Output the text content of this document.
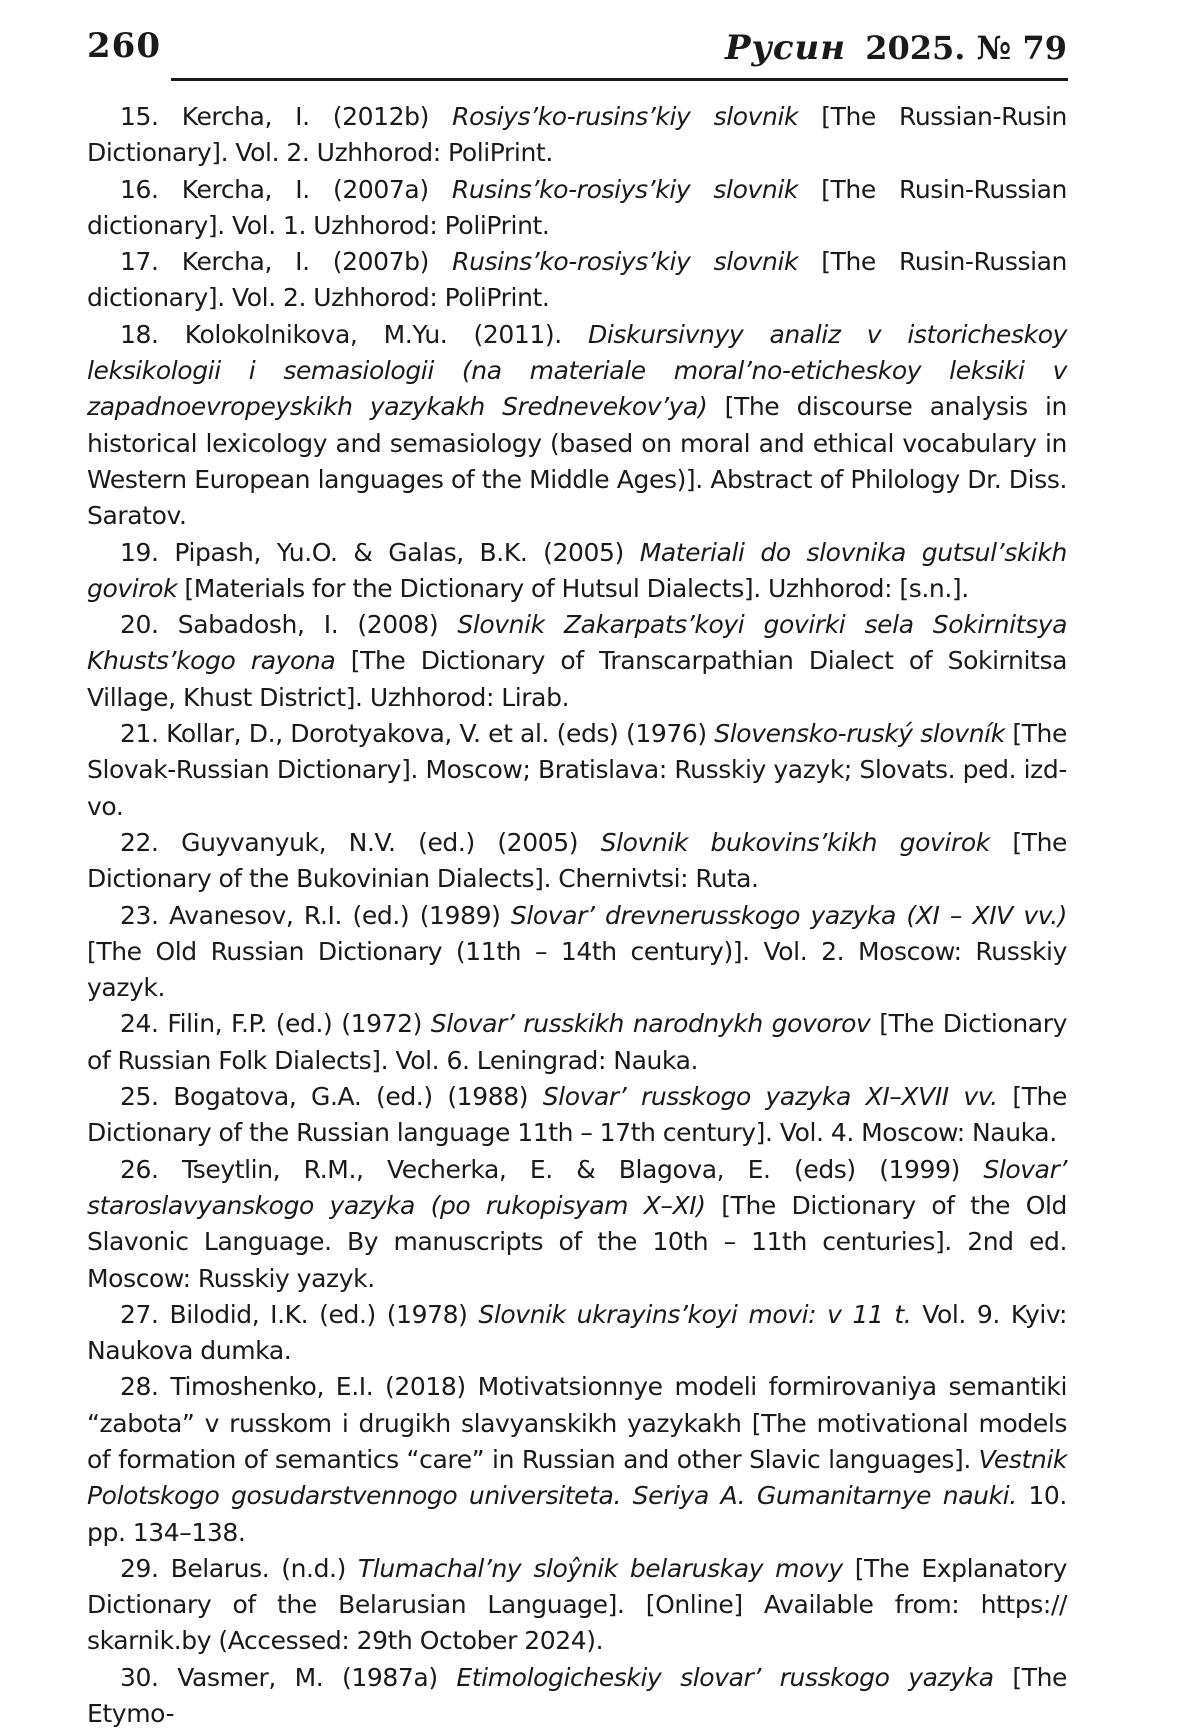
260	Русин 2025. № 79

15. Kercha, I. (2012b) Rosiys’ko-rusins’kiy slovnik [The Russian-Rusin Dictionary]. Vol. 2. Uzhhorod: PoliPrint.

16. Kercha, I. (2007a) Rusins’ko-rosiys’kiy slovnik [The Rusin-Russian dictionary]. Vol. 1. Uzhhorod: PoliPrint.

17. Kercha, I. (2007b) Rusins’ko-rosiys’kiy slovnik [The Rusin-Russian dictionary]. Vol. 2. Uzhhorod: PoliPrint.

18. Kolokolnikova, M.Yu. (2011). Diskursivnyy analiz v istoricheskoy leksikologii i semasiologii (na materiale moral’no-eticheskoy leksiki v zapadnoevropeyskikh yazykakh Srednevekov’ya) [The discourse analysis in historical lexicology and semasiology (based on moral and ethical vocabulary in Western European languages of the Middle Ages)]. Abstract of Philology Dr. Diss. Saratov.

19. Pipash, Yu.O. & Galas, B.K. (2005) Materiali do slovnika gutsul’skikh govirok [Materials for the Dictionary of Hutsul Dialects]. Uzhhorod: [s.n.].

20. Sabadosh, I. (2008) Slovnik Zakarpats’koyi govirki sela Sokirnitsya Khusts’kogo rayona [The Dictionary of Transcarpathian Dialect of Sokirnitsa Village, Khust District]. Uzhhorod: Lirab.

21. Kollar, D., Dorotyakova, V. et al. (eds) (1976) Slovensko-ruský slovník [The Slovak-Russian Dictionary]. Moscow; Bratislava: Russkiy yazyk; Slovats. ped. izd-vo.

22. Guyvanyuk, N.V. (ed.) (2005) Slovnik bukovins’kikh govirok [The Dictionary of the Bukovinian Dialects]. Chernivtsi: Ruta.

23. Avanesov, R.I. (ed.) (1989) Slovar’ drevnerusskogo yazyka (XI – XIV vv.) [The Old Russian Dictionary (11th – 14th century)]. Vol. 2. Moscow: Russkiy yazyk.

24. Filin, F.P. (ed.) (1972) Slovar’ russkikh narodnykh govorov [The Dictionary of Russian Folk Dialects]. Vol. 6. Leningrad: Nauka.

25. Bogatova, G.A. (ed.) (1988) Slovar’ russkogo yazyka XI–XVII vv. [The Dictionary of the Russian language 11th – 17th century]. Vol. 4. Moscow: Nauka.

26. Tseytlin, R.M., Vecherka, E. & Blagova, E. (eds) (1999) Slovar’ staroslavyanskogo yazyka (po rukopisyam X–XI) [The Dictionary of the Old Slavonic Language. By manuscripts of the 10th – 11th centuries]. 2nd ed. Moscow: Russkiy yazyk.

27. Bilodid, I.K. (ed.) (1978) Slovnik ukrayins’koyi movi: v 11 t. Vol. 9. Kyiv: Naukova dumka.

28. Timoshenko, E.I. (2018) Motivatsionnye modeli formirovaniya semantiki “zabota” v russkom i drugikh slavyanskikh yazykakh [The motivational models of formation of semantics “care” in Russian and other Slavic languages]. Vestnik Polotskogo gosudarstvennogo universiteta. Seriya A. Gumanitarnye nauki. 10. pp. 134–138.

29. Belarus. (n.d.) Tlumachal’ny sloŷnik belaruskay movy [The Explanatory Dictionary of the Belarusian Language]. [Online] Available from: https:// skarnik.by (Accessed: 29th October 2024).

30. Vasmer, M. (1987a) Etimologicheskiy slovar’ russkogo yazyka [The Etymo-
